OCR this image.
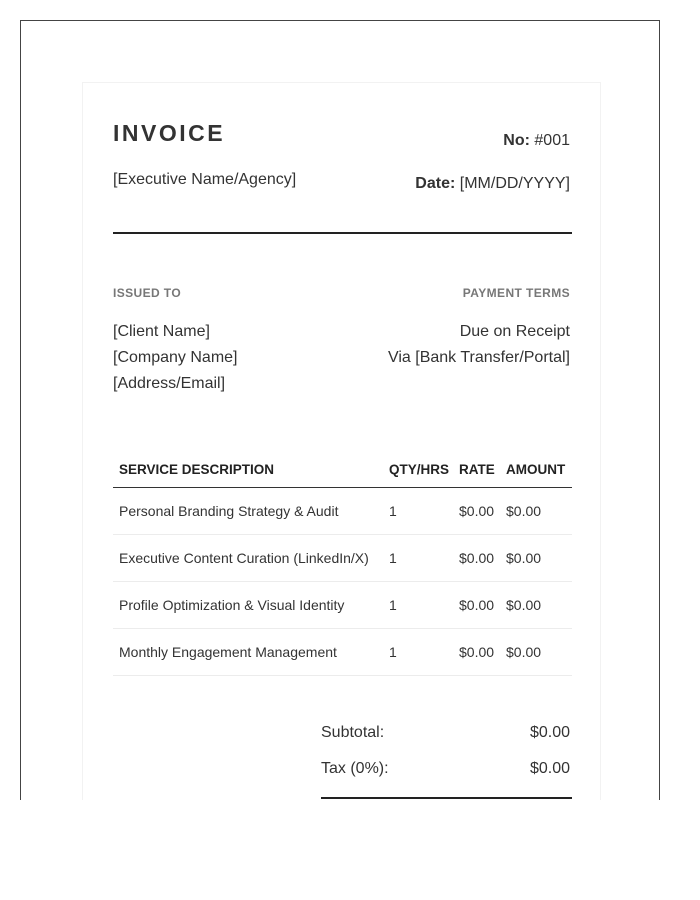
INVOICE	No: #001
[Executive Name/Agency]	Date: [MM/DD/YYYY]
ISSUED TO	PAYMENT TERMS
[Client Name]
[Company Name]
[Address/Email]
Due on Receipt
Via [Bank Transfer/Portal]
SERVICE DESCRIPTION	QTY/HRS	RATE	AMOUNT
Personal Branding Strategy & Audit	1	$0.00	$0.00
Executive Content Curation (LinkedIn/X)	1	$0.00	$0.00
Profile Optimization & Visual Identity	1	$0.00	$0.00
Monthly Engagement Management	1	$0.00	$0.00
Subtotal:	$0.00
Tax (0%):	$0.00
